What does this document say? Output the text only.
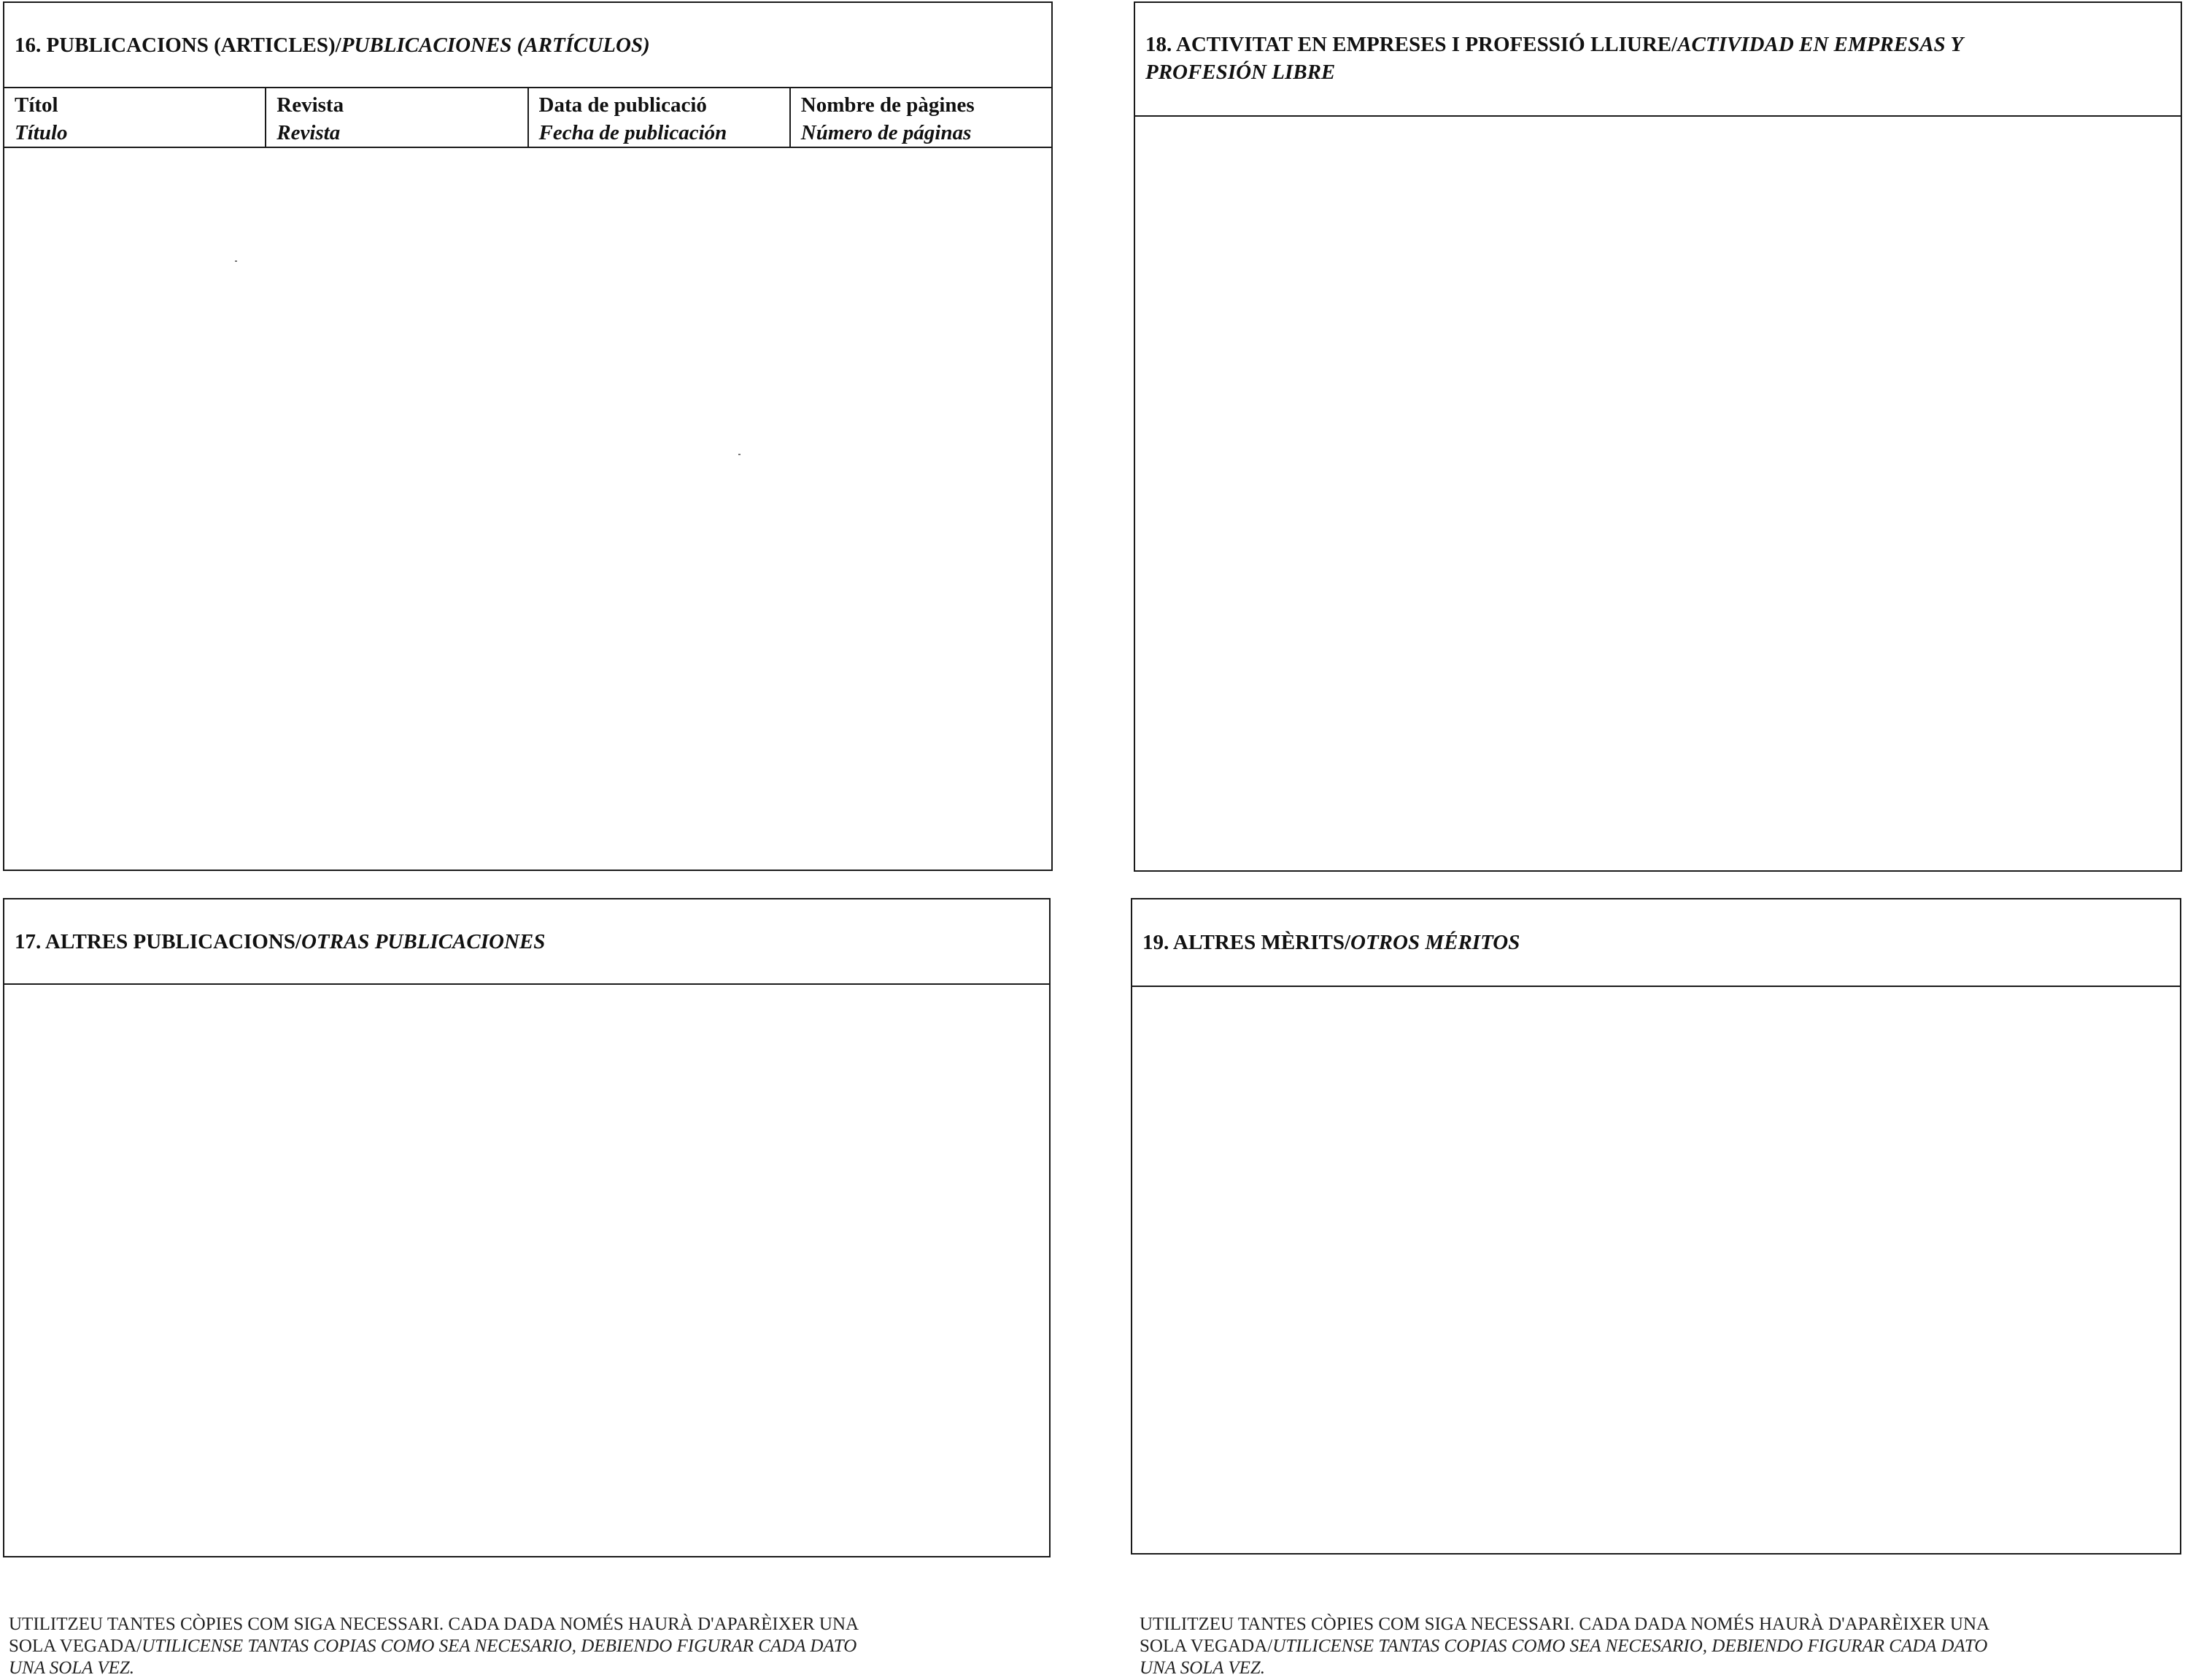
16. PUBLICACIONS (ARTICLES)/PUBLICACIONES (ARTÍCULOS)
Títol
Título
Revista
Revista
Data de publicació
Fecha de publicación
Nombre de pàgines
Número de páginas
17. ALTRES PUBLICACIONS/OTRAS PUBLICACIONES
18. ACTIVITAT EN EMPRESES I PROFESSIÓ LLIURE/ACTIVIDAD EN EMPRESAS Y
PROFESIÓN LIBRE
19. ALTRES MÈRITS/OTROS MÉRITOS
UTILITZEU TANTES CÒPIES COM SIGA NECESSARI. CADA DADA NOMÉS HAURÀ D'APARÈIXER UNA
SOLA VEGADA/UTILICENSE TANTAS COPIAS COMO SEA NECESARIO, DEBIENDO FIGURAR CADA DATO
UNA SOLA VEZ.
UTILITZEU TANTES CÒPIES COM SIGA NECESSARI. CADA DADA NOMÉS HAURÀ D'APARÈIXER UNA
SOLA VEGADA/UTILICENSE TANTAS COPIAS COMO SEA NECESARIO, DEBIENDO FIGURAR CADA DATO
UNA SOLA VEZ.
